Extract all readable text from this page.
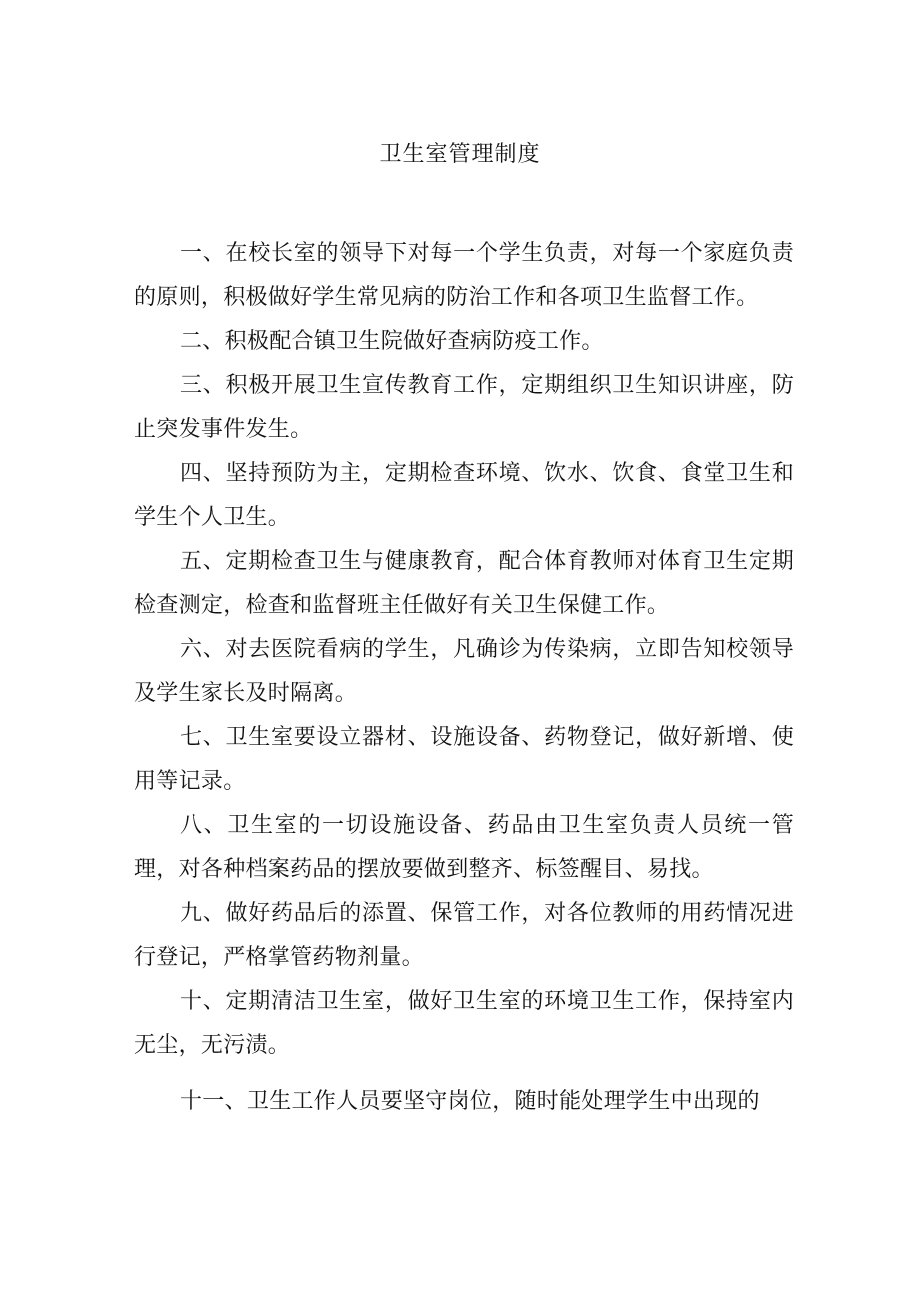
卫生室管理制度

一、在校长室的领导下对每一个学生负责，对每一个家庭负责的原则，积极做好学生常见病的防治工作和各项卫生监督工作。

二、积极配合镇卫生院做好查病防疫工作。

三、积极开展卫生宣传教育工作，定期组织卫生知识讲座，防止突发事件发生。

四、坚持预防为主，定期检查环境、饮水、饮食、食堂卫生和学生个人卫生。

五、定期检查卫生与健康教育，配合体育教师对体育卫生定期检查测定，检查和监督班主任做好有关卫生保健工作。

六、对去医院看病的学生，凡确诊为传染病，立即告知校领导及学生家长及时隔离。

七、卫生室要设立器材、设施设备、药物登记，做好新增、使用等记录。

八、卫生室的一切设施设备、药品由卫生室负责人员统一管理，对各种档案药品的摆放要做到整齐、标签醒目、易找。

九、做好药品后的添置、保管工作，对各位教师的用药情况进行登记，严格掌管药物剂量。

十、定期清洁卫生室，做好卫生室的环境卫生工作，保持室内无尘，无污渍。

十一、卫生工作人员要坚守岗位，随时能处理学生中出现的
